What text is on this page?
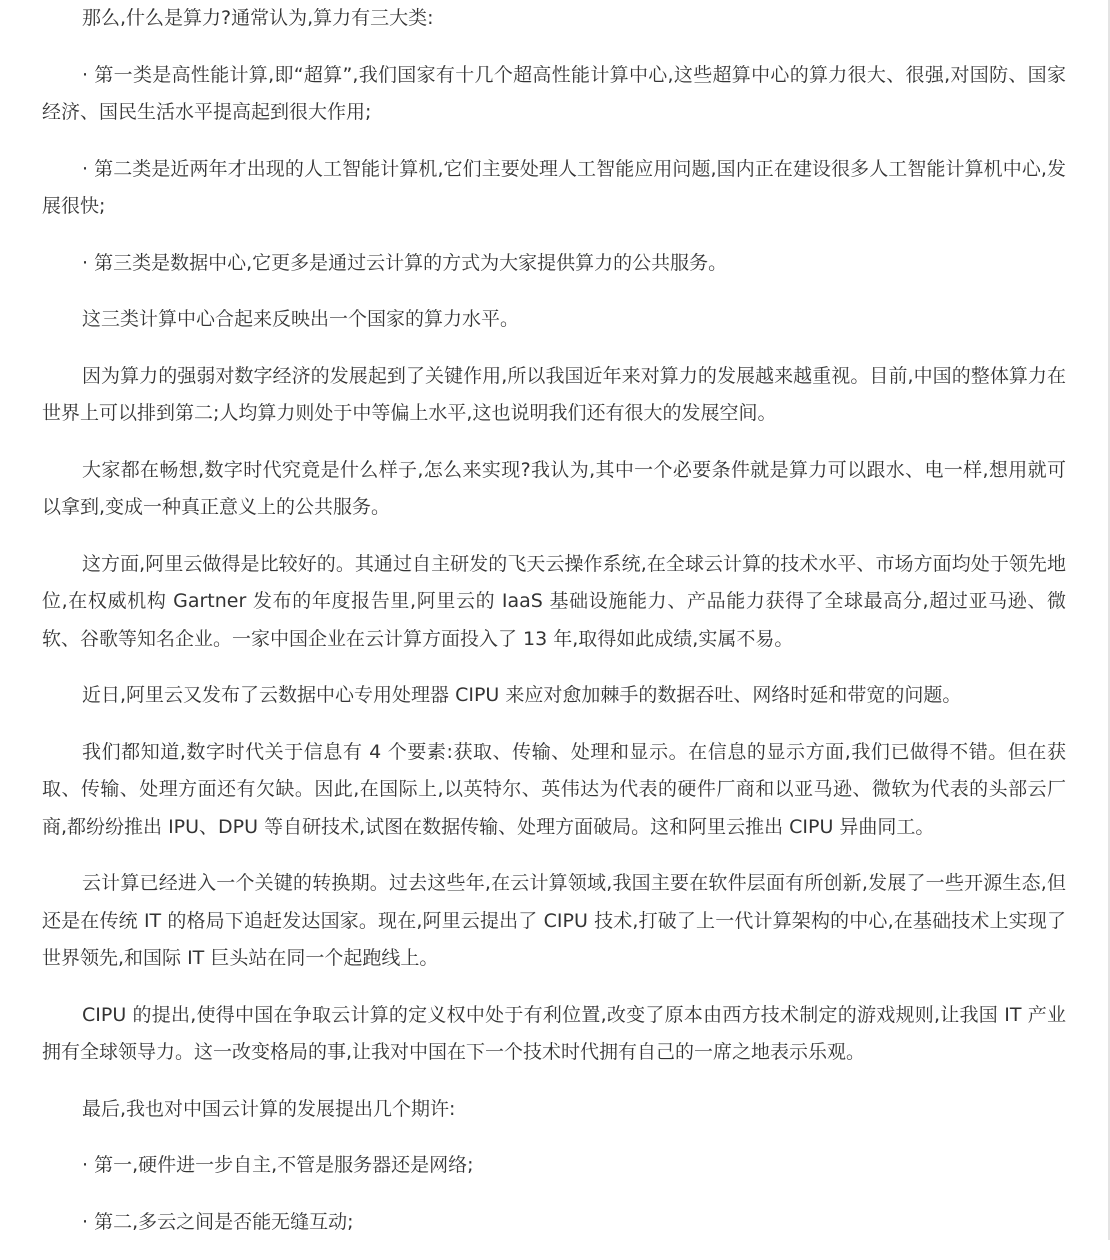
那么,什么是算力?通常认为,算力有三大类:

· 第一类是高性能计算,即“超算”,我们国家有十几个超高性能计算中心,这些超算中心的算力很大、很强,对国防、国家经济、国民生活水平提高起到很大作用;

· 第二类是近两年才出现的人工智能计算机,它们主要处理人工智能应用问题,国内正在建设很多人工智能计算机中心,发展很快;

· 第三类是数据中心,它更多是通过云计算的方式为大家提供算力的公共服务。

这三类计算中心合起来反映出一个国家的算力水平。

因为算力的强弱对数字经济的发展起到了关键作用,所以我国近年来对算力的发展越来越重视。目前,中国的整体算力在世界上可以排到第二;人均算力则处于中等偏上水平,这也说明我们还有很大的发展空间。

大家都在畅想,数字时代究竟是什么样子,怎么来实现?我认为,其中一个必要条件就是算力可以跟水、电一样,想用就可以拿到,变成一种真正意义上的公共服务。

这方面,阿里云做得是比较好的。其通过自主研发的飞天云操作系统,在全球云计算的技术水平、市场方面均处于领先地位,在权威机构 Gartner 发布的年度报告里,阿里云的 IaaS 基础设施能力、产品能力获得了全球最高分,超过亚马逊、微软、谷歌等知名企业。一家中国企业在云计算方面投入了 13 年,取得如此成绩,实属不易。

近日,阿里云又发布了云数据中心专用处理器 CIPU 来应对愈加棘手的数据吞吐、网络时延和带宽的问题。

我们都知道,数字时代关于信息有 4 个要素:获取、传输、处理和显示。在信息的显示方面,我们已做得不错。但在获取、传输、处理方面还有欠缺。因此,在国际上,以英特尔、英伟达为代表的硬件厂商和以亚马逊、微软为代表的头部云厂商,都纷纷推出 IPU、DPU 等自研技术,试图在数据传输、处理方面破局。这和阿里云推出 CIPU 异曲同工。

云计算已经进入一个关键的转换期。过去这些年,在云计算领域,我国主要在软件层面有所创新,发展了一些开源生态,但还是在传统 IT 的格局下追赶发达国家。现在,阿里云提出了 CIPU 技术,打破了上一代计算架构的中心,在基础技术上实现了世界领先,和国际 IT 巨头站在同一个起跑线上。

CIPU 的提出,使得中国在争取云计算的定义权中处于有利位置,改变了原本由西方技术制定的游戏规则,让我国 IT 产业拥有全球领导力。这一改变格局的事,让我对中国在下一个技术时代拥有自己的一席之地表示乐观。

最后,我也对中国云计算的发展提出几个期许:

· 第一,硬件进一步自主,不管是服务器还是网络;

· 第二,多云之间是否能无缝互动;
